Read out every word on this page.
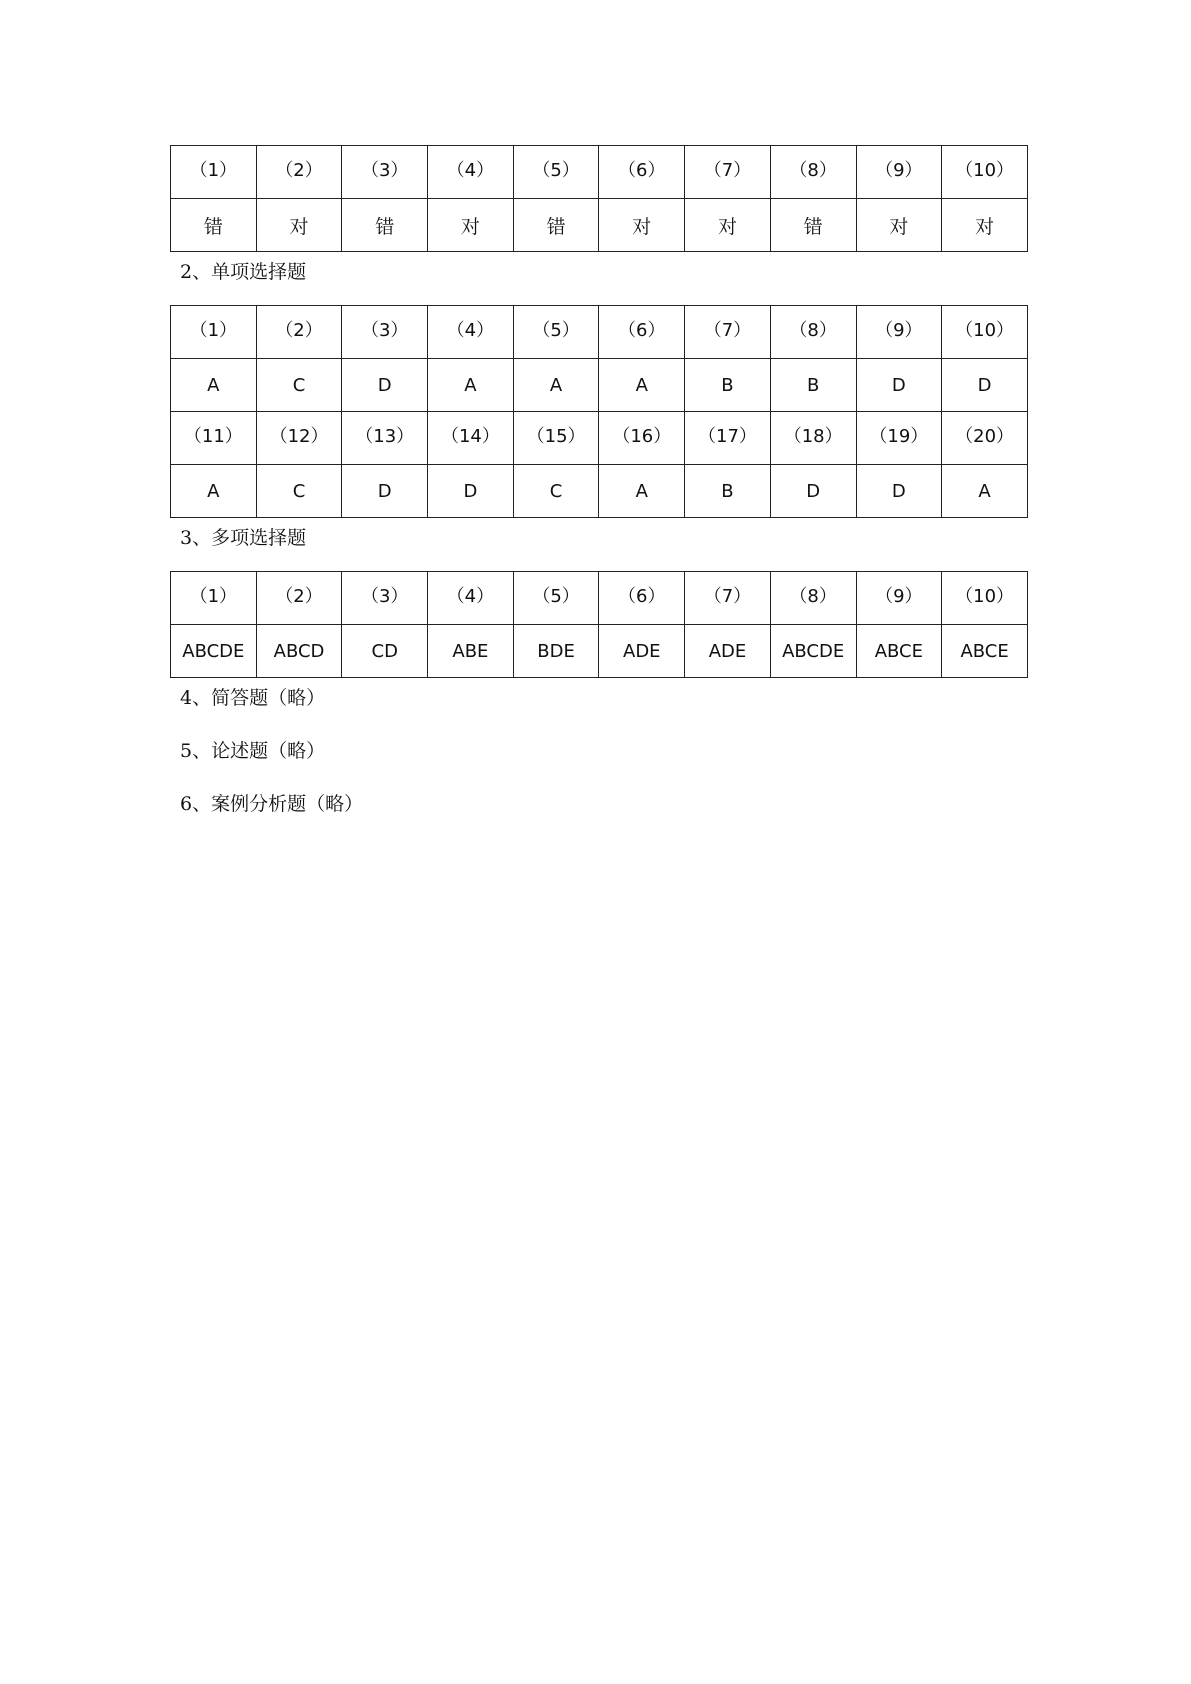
（1）	（2）	（3）	（4）	（5）	（6）	（7）	（8）	（9）	（10）
错	对	错	对	错	对	对	错	对	对
2、单项选择题
（1）	（2）	（3）	（4）	（5）	（6）	（7）	（8）	（9）	（10）
A	C	D	A	A	A	B	B	D	D
（11）	（12）	（13）	（14）	（15）	（16）	（17）	（18）	（19）	（20）
A	C	D	D	C	A	B	D	D	A
3、多项选择题
（1）	（2）	（3）	（4）	（5）	（6）	（7）	（8）	（9）	（10）
ABCDE	ABCD	CD	ABE	BDE	ADE	ADE	ABCDE	ABCE	ABCE
4、简答题（略）
5、论述题（略）
6、案例分析题（略）
